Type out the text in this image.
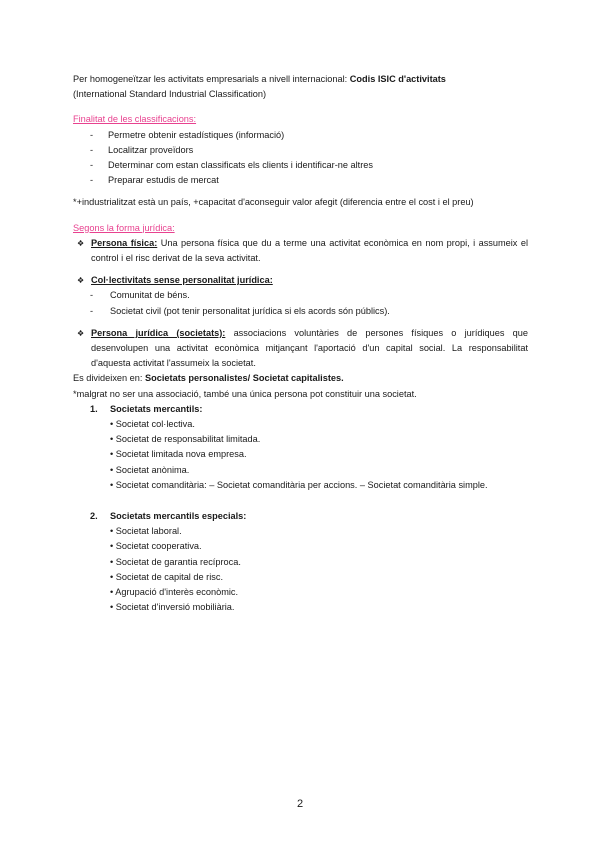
Per homogeneïtzar les activitats empresarials a nivell internacional: Codis ISIC d'activitats

(International Standard Industrial Classification)

Finalitat de les classificacions:

-	Permetre obtenir estadístiques (informació)
-	Localitzar proveïdors
-	Determinar com estan classificats els clients i identificar-ne altres
-	Preparar estudis de mercat

*+industrialitzat està un país, +capacitat d'aconseguir valor afegit (diferencia entre el cost i el preu)

Segons la forma jurídica:

❖ Persona física: Una persona física que du a terme una activitat econòmica en nom propi, i assumeix el control i el risc derivat de la seva activitat.
❖ Col·lectivitats sense personalitat jurídica:
-	Comunitat de béns.
-	Societat civil (pot tenir personalitat jurídica si els acords són públics).
❖ Persona jurídica (societats): associacions voluntàries de persones físiques o jurídiques que desenvolupen una activitat econòmica mitjançant l'aportació d'un capital social. La responsabilitat d'aquesta activitat l'assumeix la societat.

Es divideixen en: Societats personalistes/ Societat capitalistes.

*malgrat no ser una associació, també una única persona pot constituir una societat.

1.	Societats mercantils:

• Societat col·lectiva.

• Societat de responsabilitat limitada.

• Societat limitada nova empresa.

• Societat anònima.

• Societat comanditària: – Societat comanditària per accions. – Societat comanditària simple.

2.	Societats mercantils especials:

• Societat laboral.

• Societat cooperativa.

• Societat de garantia recíproca.

• Societat de capital de risc.

• Agrupació d'interès econòmic.

• Societat d'inversió mobiliària.

2
